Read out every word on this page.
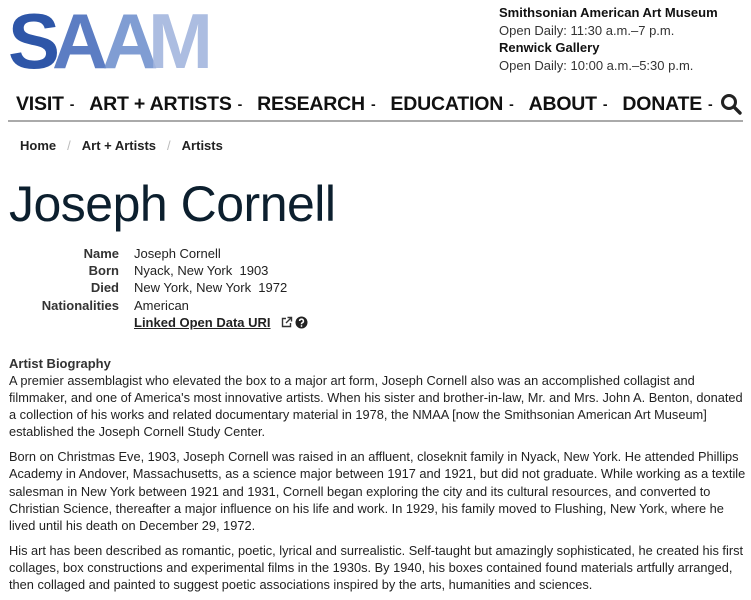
S A A
M	Smithsonian American Art Museum
Open Daily: 11:30 a.m.–7 p.m.
Renwick Gallery
Open Daily: 10:00 a.m.–5:30 p.m.
VISIT - ART + ARTISTS - RESEARCH - EDUCATION - ABOUT - DONATE -
Home / Art + Artists / Artists
Joseph Cornell
Name	Joseph Cornell
Born	Nyack, New York  1903
Died	New York, New York  1972
Nationalities	American
Linked Open Data URI
Artist Biography

A premier assemblagist who elevated the box to a major art form, Joseph Cornell also was an accomplished collagist and filmmaker, and one of America's most innovative artists. When his sister and brother-in-law, Mr. and Mrs. John A. Benton, donated a collection of his works and related documentary material in 1978, the NMAA [now the Smithsonian American Art Museum] established the Joseph Cornell Study Center.

Born on Christmas Eve, 1903, Joseph Cornell was raised in an affluent, closeknit family in Nyack, New York. He attended Phillips Academy in Andover, Massachusetts, as a science major between 1917 and 1921, but did not graduate. While working as a textile salesman in New York between 1921 and 1931, Cornell began exploring the city and its cultural resources, and converted to Christian Science, thereafter a major influence on his life and work. In 1929, his family moved to Flushing, New York, where he lived until his death on December 29, 1972.

His art has been described as romantic, poetic, lyrical and surrealistic. Self-taught but amazingly sophisticated, he created his first collages, box constructions and experimental films in the 1930s. By 1940, his boxes contained found materials artfully arranged, then collaged and painted to suggest poetic associations inspired by the arts, humanities and sciences.
